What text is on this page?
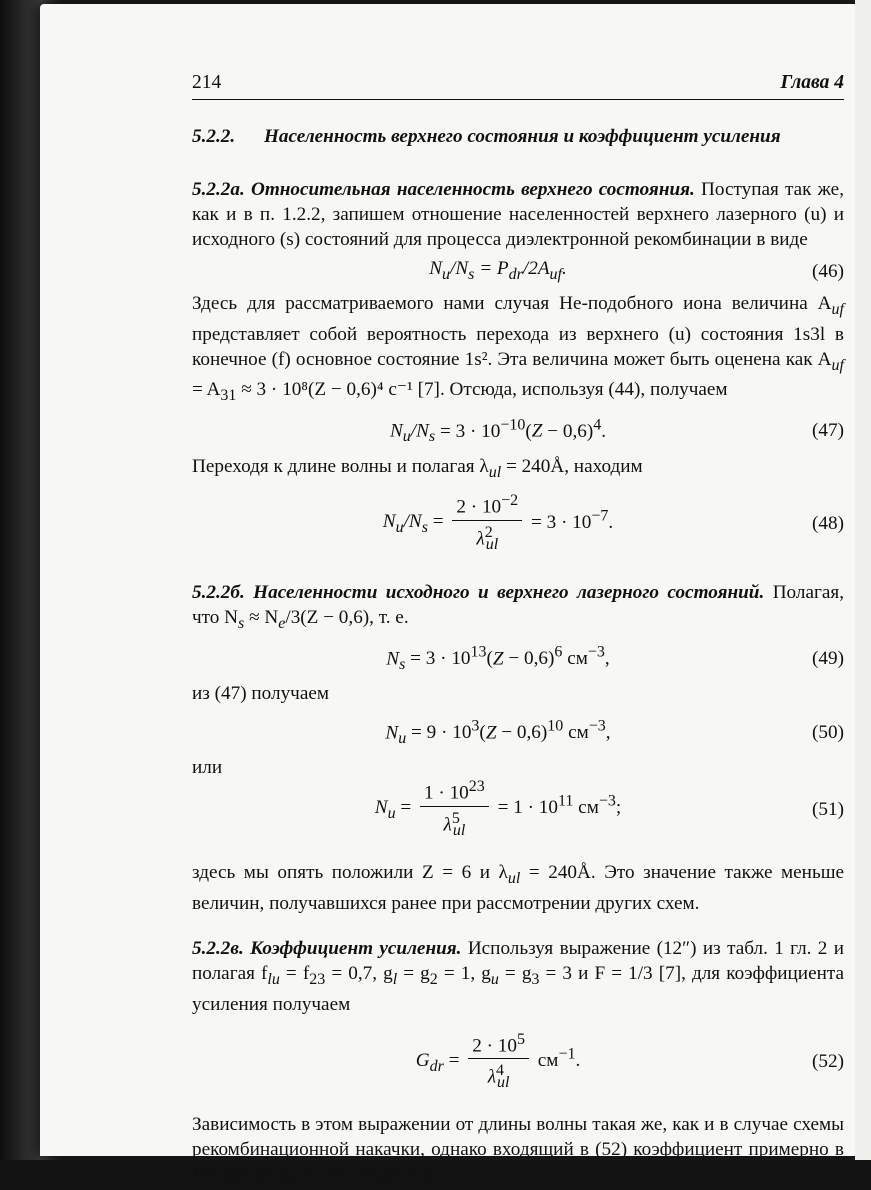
214	Глава 4
5.2.2.	Населенность верхнего состояния и коэффициент усиления

5.2.2а. Относительная населенность верхнего состояния. Поступая так же, как и в п. 1.2.2, запишем отношение населенностей верхнего лазерного (u) и исходного (s) состояний для процесса диэлектронной рекомбинации в виде

$N_u/N_s = P_{dr}/2A_{uf}$.	(46)

Здесь для рассматриваемого нами случая Не-подобного иона величина $A_{uf}$ представляет собой вероятность перехода из верхнего (u) состояния 1s3l в конечное (f) основное состояние 1s². Эта величина может быть оценена как $A_{uf} = A_{31} \approx 3 \cdot 10^8(Z - 0,6)^4$ с⁻¹ [7]. Отсюда, используя (44), получаем

$N_u/N_s = 3 \cdot 10^{-10}(Z - 0,6)^4$.	(47)

Переходя к длине волны и полагая $\lambda_{ul}$ = 240Å, находим

$N_u/N_s = \frac{2 \cdot 10^{-2}}{\lambda^2_{ul}} = 3 \cdot 10^{-7}$.	(48)

5.2.2б. Населенности исходного и верхнего лазерного состояний. Полагая, что $N_s \approx N_e/3(Z - 0,6)$, т. е.

$N_s = 3 \cdot 10^{13}(Z - 0,6)^6$ $см^{-3}$,	(49)

из (47) получаем

$N_u = 9 \cdot 10^3(Z - 0,6)^{10}$ $см^{-3}$,	(50)

или

$N_u = \frac{1 \cdot 10^{23}}{\lambda^5_{ul}} = 1 \cdot 10^{11}$ $см^{-3}$;	(51)

здесь мы опять положили Z = 6 и $\lambda_{ul}$ = 240Å. Это значение также меньше величин, получавшихся ранее при рассмотрении других схем.

5.2.2в. Коэффициент усиления. Используя выражение (12″) из табл. 1 гл. 2 и полагая $f_{lu} = f_{23} = 0,7$, $g_l = g_2 = 1$, $g_u = g_3 = 3$ и F = 1/3 [7], для коэффициента усиления получаем

$G_{dr} = \frac{2 \cdot 10^5}{\lambda^4_{ul}} см^{-1}$.	(52)

Зависимость в этом выражении от длины волны такая же, как и в случае схемы рекомбинационной накачки, однако входящий в (52) коэффициент примерно в 10⁴ раз меньше. Это является
